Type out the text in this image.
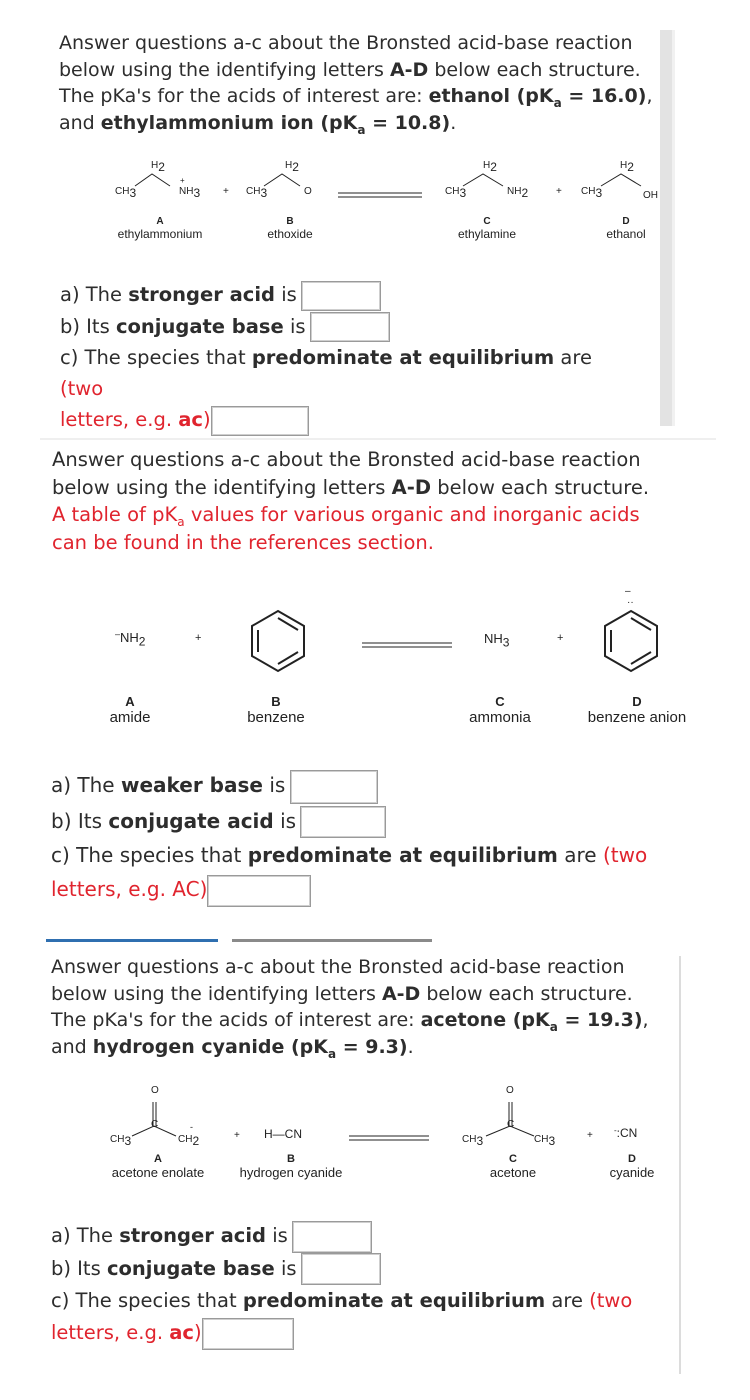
Answer questions a-c about the Bronsted acid-base reaction
below using the identifying letters A-D below each structure.
The pKa's for the acids of interest are: ethanol $(pK_a = 16.0)$,
and ethylammonium ion $(pK_a = 10.8)$.

$CH_3$
$H_2$
$NH_3$
+
+ $CH_3$
$H_2$
O	$CH_3$
$H_2$
$NH_2$	+ $CH_3$
$H_2$
OH
A
ethylammonium
B
ethoxide
C
ethylamine
D
ethanol
a) The stronger acid is
b) Its conjugate base is
c) The species that predominate at equilibrium are (two
letters, e.g. ac)

Answer questions a-c about the Bronsted acid-base reaction
below using the identifying letters A-D below each structure.
A table of $pK_a$ values for various organic and inorganic acids
can be found in the references section.

$^-NH_2$	+	$NH_3$	+
–
··
A
amide
B
benzene
C
ammonia
D
benzene anion
a) The weaker base is
b) Its conjugate acid is
c) The species that predominate at equilibrium are (two
letters, e.g. AC)

Answer questions a-c about the Bronsted acid-base reaction
below using the identifying letters A-D below each structure.
The pKa's for the acids of interest are: acetone $(pK_a = 19.3)$,
and hydrogen cyanide $(pK_a = 9.3)$.

O
C
$CH_3$	$CH_2$
-
+ H—CN
O
C
$CH_3$	$CH_3$	+	-:CN
A
acetone enolate
B
hydrogen cyanide
C
acetone
D
cyanide
a) The stronger acid is
b) Its conjugate base is
c) The species that predominate at equilibrium are (two
letters, e.g. ac)
